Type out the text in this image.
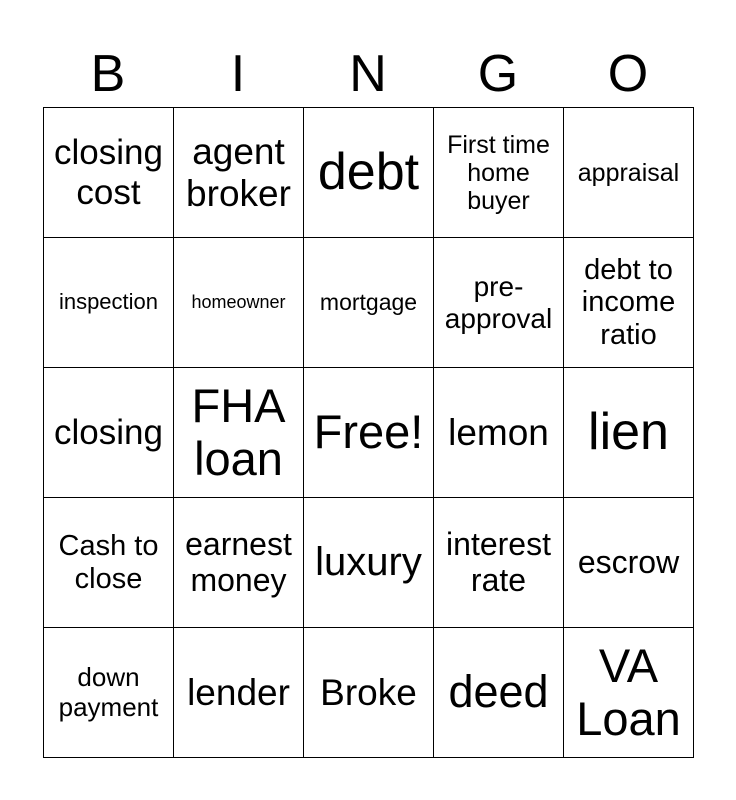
B	I	N	G	O
closing cost	agent broker	debt	First time home buyer	appraisal
inspection	homeowner	mortgage	pre-approval	debt to income ratio
closing	FHA loan	Free!	lemon	lien
Cash to close	earnest money	luxury	interest rate	escrow
down payment	lender	Broke	deed	VA Loan
